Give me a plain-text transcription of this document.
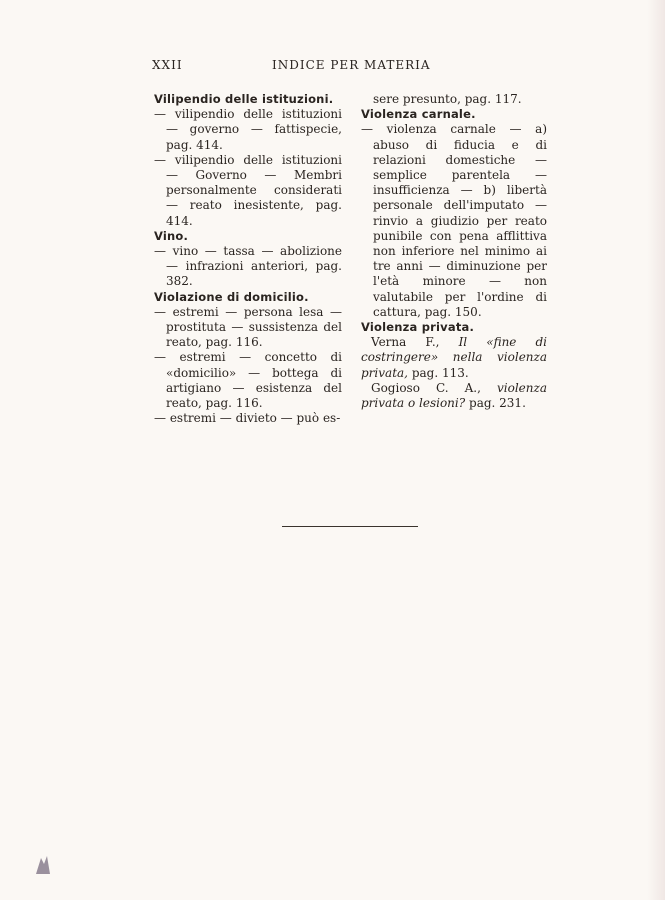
XXII	INDICE PER MATERIA
Vilipendio delle istituzioni.
— vilipendio delle istituzioni — governo — fattispecie, pag. 414.
— vilipendio delle istituzioni — Governo — Membri personalmente considerati — reato inesistente, pag. 414.
Vino.
— vino — tassa — abolizione — infrazioni anteriori, pag. 382.
Violazione di domicilio.
— estremi — persona lesa — prostituta — sussistenza del reato, pag. 116.
— estremi — concetto di «domicilio» — bottega di artigiano — esistenza del reato, pag. 116.
— estremi — divieto — può es-
sere presunto, pag. 117.
Violenza carnale.
— violenza carnale — a) abuso di fiducia e di relazioni domestiche — semplice parentela — insufficienza — b) libertà personale dell'imputato — rinvio a giudizio per reato punibile con pena afflittiva non inferiore nel minimo ai tre anni — diminuzione per l'età minore — non valutabile per l'ordine di cattura, pag. 150.
Violenza privata.
Verna F., Il «fine di costringere» nella violenza privata, pag. 113.
Gogioso C. A., violenza privata o lesioni? pag. 231.
